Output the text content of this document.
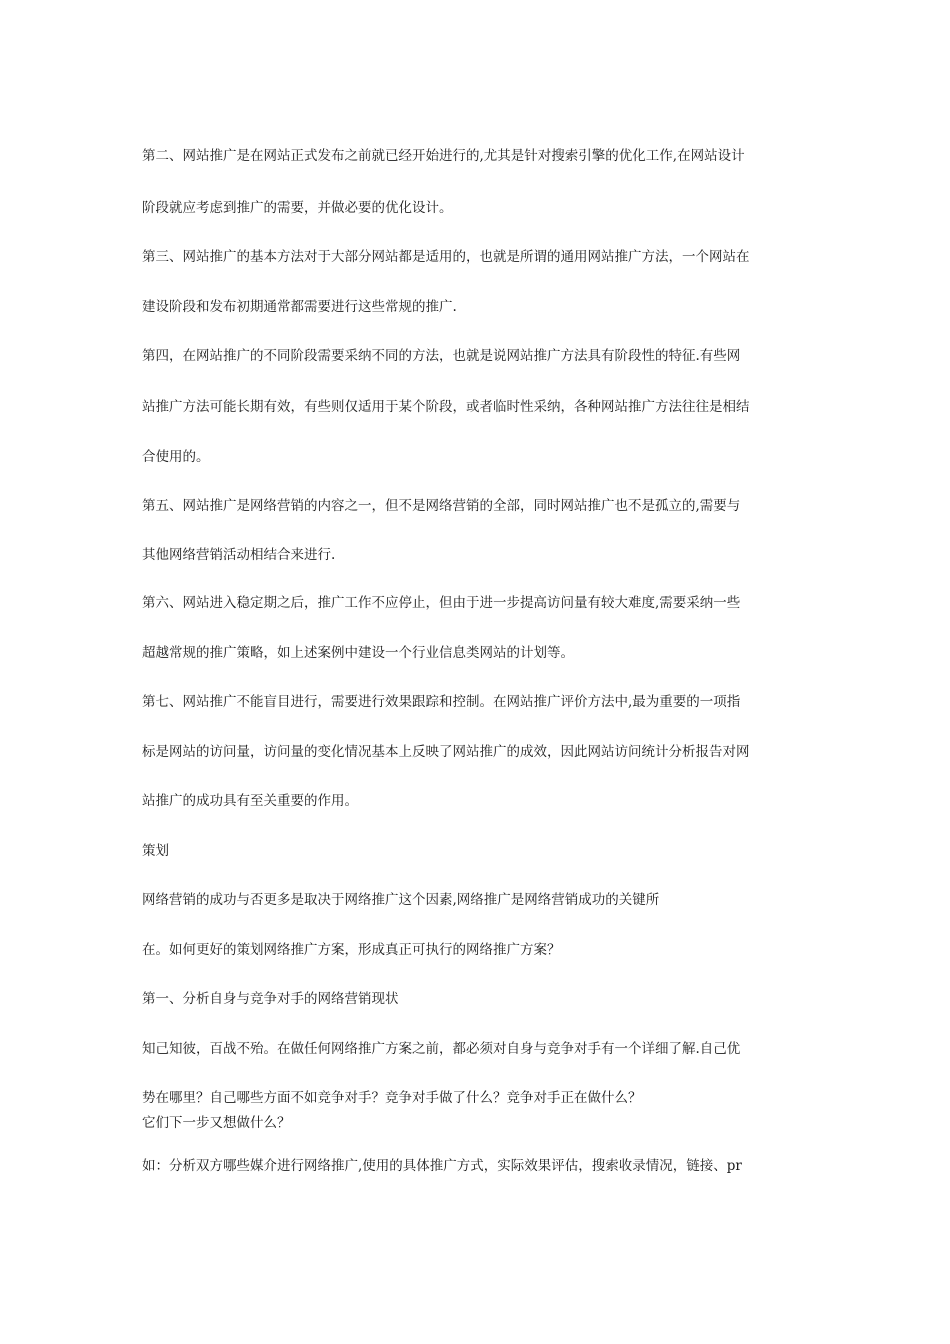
第二、网站推广是在网站正式发布之前就已经开始进行的,尤其是针对搜索引擎的优化工作,在网站设计

阶段就应考虑到推广的需要，并做必要的优化设计。

第三、网站推广的基本方法对于大部分网站都是适用的，也就是所谓的通用网站推广方法，一个网站在

建设阶段和发布初期通常都需要进行这些常规的推广.

第四，在网站推广的不同阶段需要采纳不同的方法，也就是说网站推广方法具有阶段性的特征.有些网

站推广方法可能长期有效，有些则仅适用于某个阶段，或者临时性采纳，各种网站推广方法往往是相结

合使用的。

第五、网站推广是网络营销的内容之一，但不是网络营销的全部，同时网站推广也不是孤立的,需要与

其他网络营销活动相结合来进行.

第六、网站进入稳定期之后，推广工作不应停止，但由于进一步提高访问量有较大难度,需要采纳一些

超越常规的推广策略，如上述案例中建设一个行业信息类网站的计划等。

第七、网站推广不能盲目进行，需要进行效果跟踪和控制。在网站推广评价方法中,最为重要的一项指

标是网站的访问量，访问量的变化情况基本上反映了网站推广的成效，因此网站访问统计分析报告对网

站推广的成功具有至关重要的作用。

策划

网络营销的成功与否更多是取决于网络推广这个因素,网络推广是网络营销成功的关键所

在。如何更好的策划网络推广方案，形成真正可执行的网络推广方案？

第一、分析自身与竞争对手的网络营销现状

知己知彼，百战不殆。在做任何网络推广方案之前，都必须对自身与竞争对手有一个详细了解.自己优

势在哪里？自己哪些方面不如竞争对手？竞争对手做了什么？竞争对手正在做什么？

它们下一步又想做什么？

如：分析双方哪些媒介进行网络推广,使用的具体推广方式，实际效果评估，搜索收录情况，链接、pr
